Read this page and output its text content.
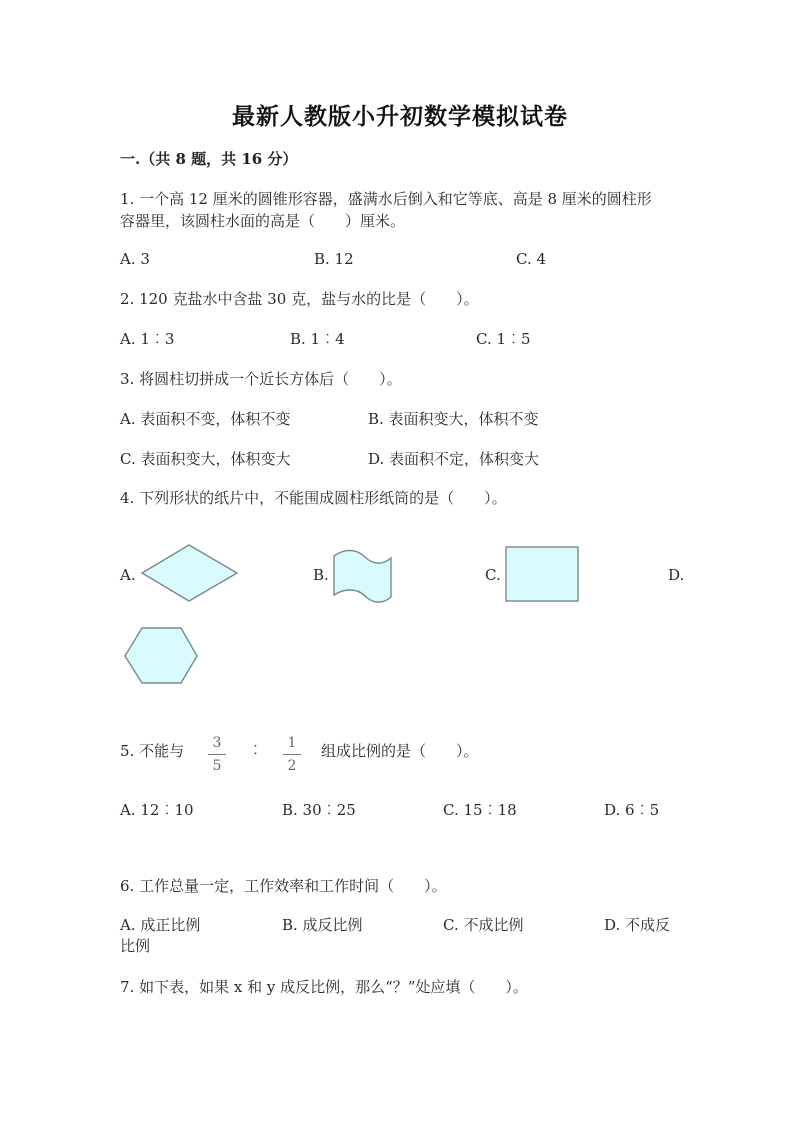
最新人教版小升初数学模拟试卷
一.（共 8 题，共 16 分）
1. 一个高 12 厘米的圆锥形容器，盛满水后倒入和它等底、高是 8 厘米的圆柱形
容器里，该圆柱水面的高是（　　）厘米。
A. 3	B. 12	C. 4
2. 120 克盐水中含盐 30 克，盐与水的比是（　　）。
A. 1︰3	B. 1︰4	C. 1︰5
3. 将圆柱切拼成一个近长方体后（　　）。
A. 表面积不变，体积不变	B. 表面积变大，体积不变
C. 表面积变大，体积变大	D. 表面积不定，体积变大
4. 下列形状的纸片中，不能围成圆柱形纸筒的是（　　）。
A.	B.	C.	D.
5. 不能与	3
5
︰	1
2
组成比例的是（　　）。
A. 12︰10	B. 30︰25	C. 15︰18	D. 6︰5
6. 工作总量一定，工作效率和工作时间（　　）。
A. 成正比例	B. 成反比例	C. 不成比例	D. 不成反
比例
7. 如下表，如果 x 和 y 成反比例，那么“？”处应填（　　）。
